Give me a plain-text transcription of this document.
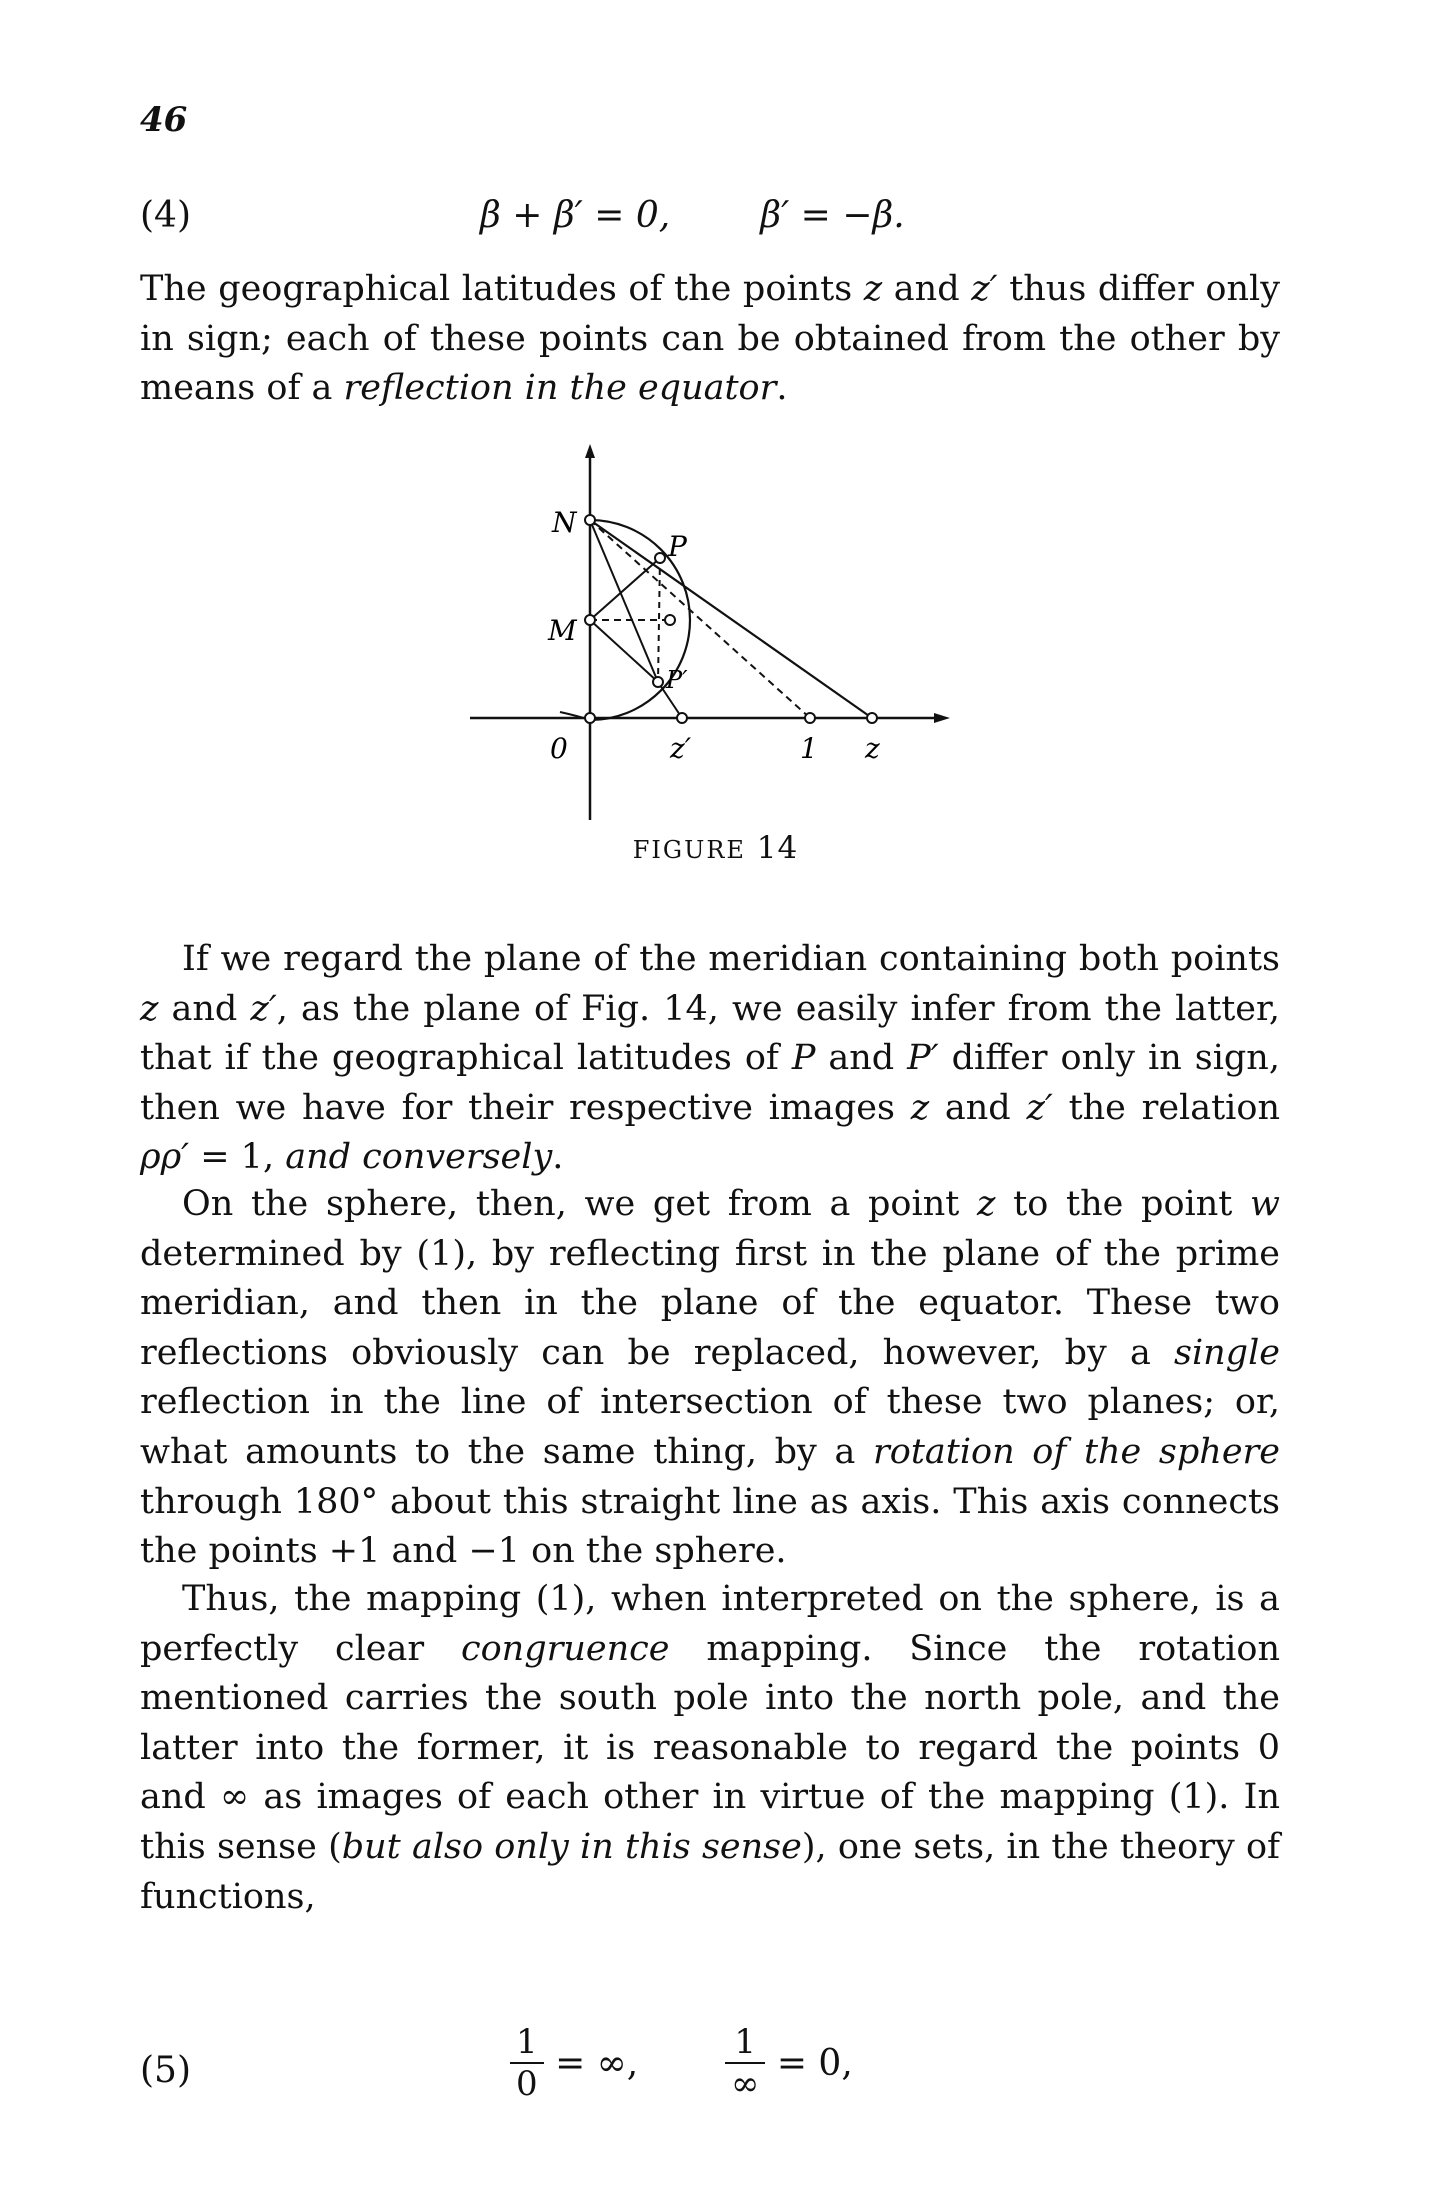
46
(4)	β + β′ = 0,	β′ = −β.

The geographical latitudes of the points z and z′ thus differ only in sign; each of these points can be obtained from the other by means of a reflection in the equator.

N
M
0
P
P′
z′	1 z
FIGURE 14

If we regard the plane of the meridian containing both points z and z′, as the plane of Fig. 14, we easily infer from the latter, that if the geographical latitudes of P and P′ differ only in sign, then we have for their respective images z and z′ the relation ρρ′ = 1, and conversely.

On the sphere, then, we get from a point z to the point w determined by (1), by reflecting first in the plane of the prime meridian, and then in the plane of the equator. These two reflections obviously can be replaced, however, by a single reflection in the line of intersection of these two planes; or, what amounts to the same thing, by a rotation of the sphere through 180° about this straight line as axis. This axis connects the points +1 and −1 on the sphere.

Thus, the mapping (1), when interpreted on the sphere, is a perfectly clear congruence mapping. Since the rotation mentioned carries the south pole into the north pole, and the latter into the former, it is reasonable to regard the points 0 and ∞ as images of each other in virtue of the mapping (1). In this sense (but also only in this sense), one sets, in the theory of functions,

(5)	$\frac{1}{0}$ = ∞,	$\frac{1}{\infty} = 0$,
